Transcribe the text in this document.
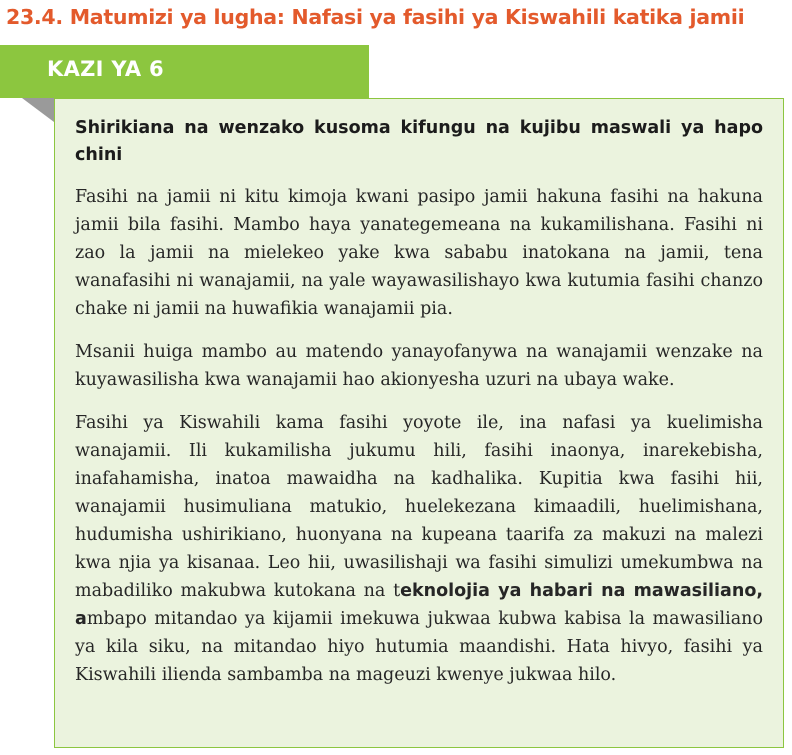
23.4. Matumizi ya lugha: Nafasi ya fasihi ya Kiswahili katika jamii
KAZI YA 6

Shirikiana na wenzako kusoma kifungu na kujibu maswali ya hapo chini

Fasihi na jamii ni kitu kimoja kwani pasipo jamii hakuna fasihi na hakuna jamii bila fasihi. Mambo haya yanategemeana na kukamilishana. Fasihi ni zao la jamii na mielekeo yake kwa sababu inatokana na jamii, tena wanafasihi ni wanajamii, na yale wayawasilishayo kwa kutumia fasihi chanzo chake ni jamii na huwafikia wanajamii pia.

Msanii huiga mambo au matendo yanayofanywa na wanajamii wenzake na kuyawasilisha kwa wanajamii hao akionyesha uzuri na ubaya wake.

Fasihi ya Kiswahili kama fasihi yoyote ile, ina nafasi ya kuelimisha wanajamii. Ili kukamilisha jukumu hili, fasihi inaonya, inarekebisha, inafahamisha, inatoa mawaidha na kadhalika. Kupitia kwa fasihi hii, wanajamii husimuliana matukio, huelekezana kimaadili, huelimishana, hudumisha ushirikiano, huonyana na kupeana taarifa za makuzi na malezi kwa njia ya kisanaa. Leo hii, uwasilishaji wa fasihi simulizi umekumbwa na mabadiliko makubwa kutokana na teknolojia ya habari na mawasiliano, ambapo mitandao ya kijamii imekuwa jukwaa kubwa kabisa la mawasiliano ya kila siku, na mitandao hiyo hutumia maandishi. Hata hivyo, fasihi ya Kiswahili ilienda sambamba na mageuzi kwenye jukwaa hilo.
